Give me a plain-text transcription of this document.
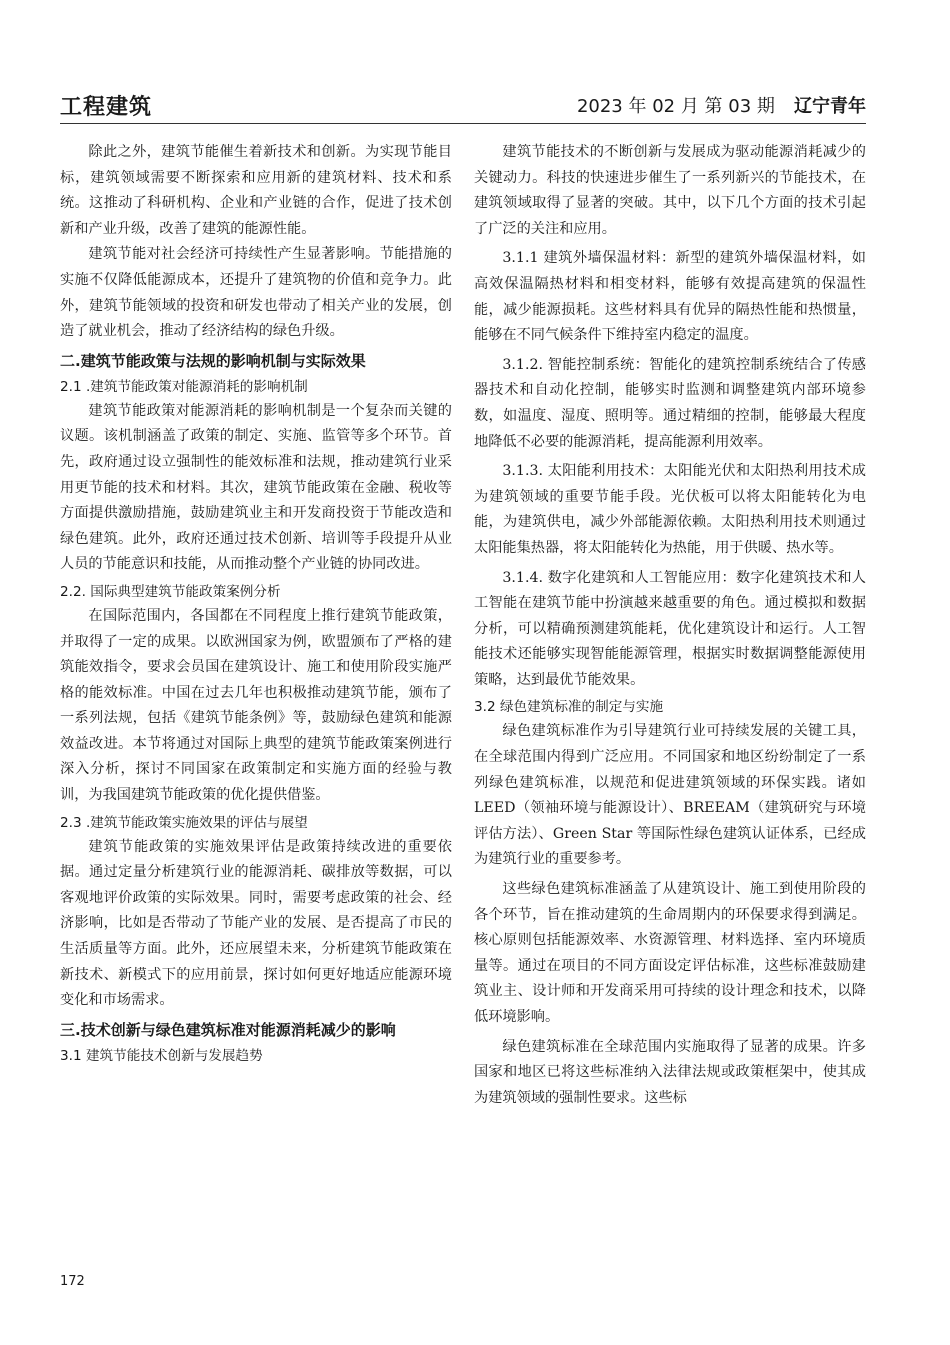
工程建筑	2023 年 02 月 第 03 期 辽宁青年

除此之外，建筑节能催生着新技术和创新。为实现节能目标，建筑领域需要不断探索和应用新的建筑材料、技术和系统。这推动了科研机构、企业和产业链的合作，促进了技术创新和产业升级，改善了建筑的能源性能。

建筑节能对社会经济可持续性产生显著影响。节能措施的实施不仅降低能源成本，还提升了建筑物的价值和竞争力。此外，建筑节能领域的投资和研发也带动了相关产业的发展，创造了就业机会，推动了经济结构的绿色升级。

二.建筑节能政策与法规的影响机制与实际效果
2.1 .建筑节能政策对能源消耗的影响机制

建筑节能政策对能源消耗的影响机制是一个复杂而关键的议题。该机制涵盖了政策的制定、实施、监管等多个环节。首先，政府通过设立强制性的能效标准和法规，推动建筑行业采用更节能的技术和材料。其次，建筑节能政策在金融、税收等方面提供激励措施，鼓励建筑业主和开发商投资于节能改造和绿色建筑。此外，政府还通过技术创新、培训等手段提升从业人员的节能意识和技能，从而推动整个产业链的协同改进。

2.2. 国际典型建筑节能政策案例分析

在国际范围内，各国都在不同程度上推行建筑节能政策，并取得了一定的成果。以欧洲国家为例，欧盟颁布了严格的建筑能效指令，要求会员国在建筑设计、施工和使用阶段实施严格的能效标准。中国在过去几年也积极推动建筑节能，颁布了一系列法规，包括《建筑节能条例》等，鼓励绿色建筑和能源效益改进。本节将通过对国际上典型的建筑节能政策案例进行深入分析，探讨不同国家在政策制定和实施方面的经验与教训，为我国建筑节能政策的优化提供借鉴。

2.3 .建筑节能政策实施效果的评估与展望

建筑节能政策的实施效果评估是政策持续改进的重要依据。通过定量分析建筑行业的能源消耗、碳排放等数据，可以客观地评价政策的实际效果。同时，需要考虑政策的社会、经济影响，比如是否带动了节能产业的发展、是否提高了市民的生活质量等方面。此外，还应展望未来，分析建筑节能政策在新技术、新模式下的应用前景，探讨如何更好地适应能源环境变化和市场需求。

三.技术创新与绿色建筑标准对能源消耗减少的影响
3.1 建筑节能技术创新与发展趋势

建筑节能技术的不断创新与发展成为驱动能源消耗减少的关键动力。科技的快速进步催生了一系列新兴的节能技术，在建筑领域取得了显著的突破。其中，以下几个方面的技术引起了广泛的关注和应用。

3.1.1 建筑外墙保温材料：新型的建筑外墙保温材料，如高效保温隔热材料和相变材料，能够有效提高建筑的保温性能，减少能源损耗。这些材料具有优异的隔热性能和热惯量，能够在不同气候条件下维持室内稳定的温度。

3.1.2. 智能控制系统：智能化的建筑控制系统结合了传感器技术和自动化控制，能够实时监测和调整建筑内部环境参数，如温度、湿度、照明等。通过精细的控制，能够最大程度地降低不必要的能源消耗，提高能源利用效率。

3.1.3. 太阳能利用技术：太阳能光伏和太阳热利用技术成为建筑领域的重要节能手段。光伏板可以将太阳能转化为电能，为建筑供电，减少外部能源依赖。太阳热利用技术则通过太阳能集热器，将太阳能转化为热能，用于供暖、热水等。

3.1.4. 数字化建筑和人工智能应用：数字化建筑技术和人工智能在建筑节能中扮演越来越重要的角色。通过模拟和数据分析，可以精确预测建筑能耗，优化建筑设计和运行。人工智能技术还能够实现智能能源管理，根据实时数据调整能源使用策略，达到最优节能效果。

3.2 绿色建筑标准的制定与实施

绿色建筑标准作为引导建筑行业可持续发展的关键工具，在全球范围内得到广泛应用。不同国家和地区纷纷制定了一系列绿色建筑标准，以规范和促进建筑领域的环保实践。诸如LEED（领袖环境与能源设计）、BREEAM（建筑研究与环境评估方法）、Green Star 等国际性绿色建筑认证体系，已经成为建筑行业的重要参考。

这些绿色建筑标准涵盖了从建筑设计、施工到使用阶段的各个环节，旨在推动建筑的生命周期内的环保要求得到满足。核心原则包括能源效率、水资源管理、材料选择、室内环境质量等。通过在项目的不同方面设定评估标准，这些标准鼓励建筑业主、设计师和开发商采用可持续的设计理念和技术，以降低环境影响。

绿色建筑标准在全球范围内实施取得了显著的成果。许多国家和地区已将这些标准纳入法律法规或政策框架中，使其成为建筑领域的强制性要求。这些标

172
